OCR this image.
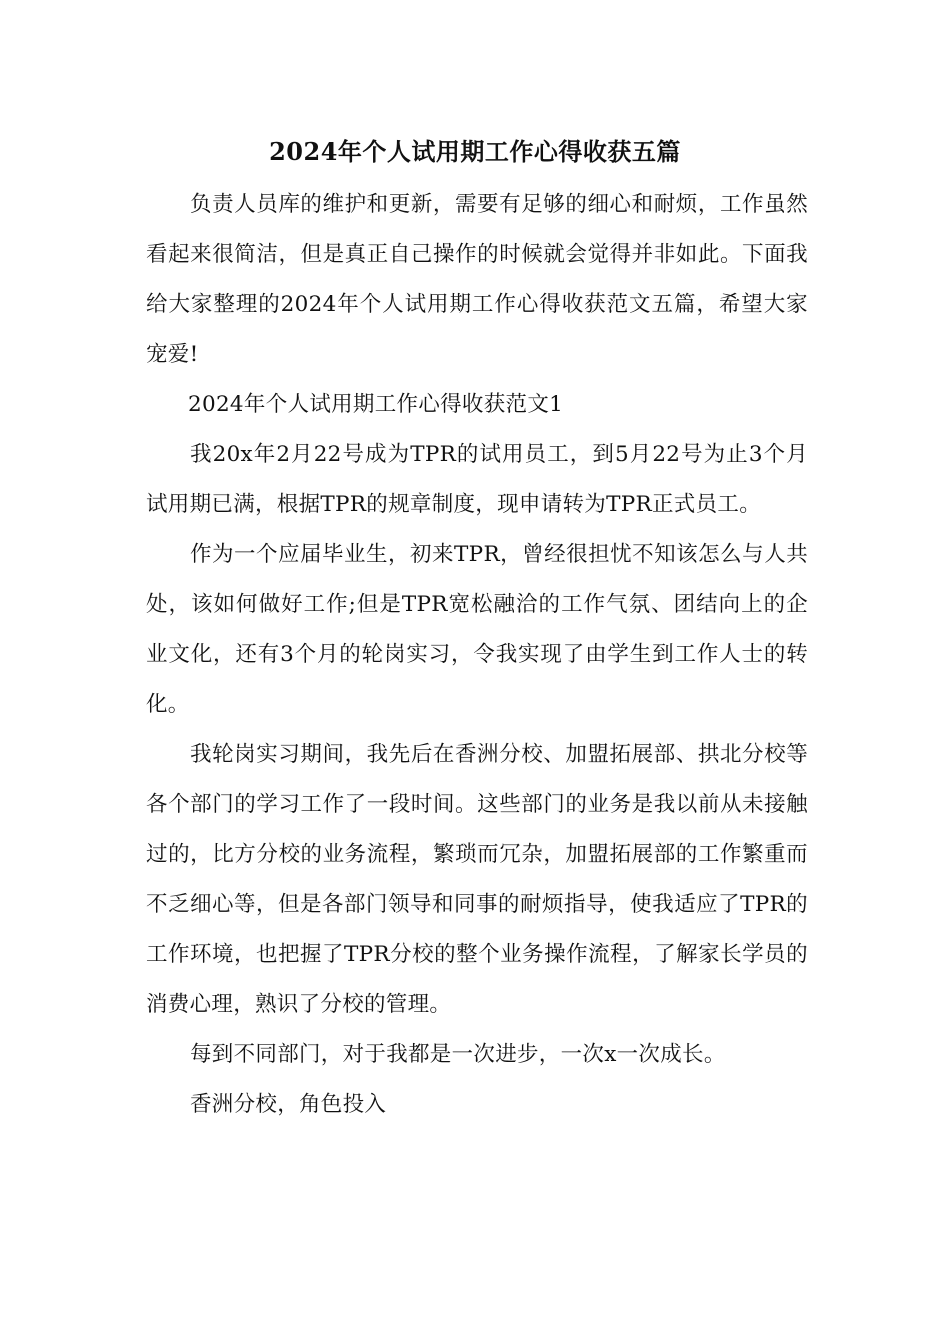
2024年个人试用期工作心得收获五篇

负责人员库的维护和更新，需要有足够的细心和耐烦，工作虽然看起来很简洁，但是真正自己操作的时候就会觉得并非如此。下面我给大家整理的2024年个人试用期工作心得收获范文五篇，希望大家宠爱!

2024年个人试用期工作心得收获范文1

我20x年2月22号成为TPR的试用员工，到5月22号为止3个月试用期已满，根据TPR的规章制度，现申请转为TPR正式员工。

作为一个应届毕业生，初来TPR，曾经很担忧不知该怎么与人共处，该如何做好工作;但是TPR宽松融洽的工作气氛、团结向上的企业文化，还有3个月的轮岗实习，令我实现了由学生到工作人士的转化。

我轮岗实习期间，我先后在香洲分校、加盟拓展部、拱北分校等各个部门的学习工作了一段时间。这些部门的业务是我以前从未接触过的，比方分校的业务流程，繁琐而冗杂，加盟拓展部的工作繁重而不乏细心等，但是各部门领导和同事的耐烦指导，使我适应了TPR的工作环境，也把握了TPR分校的整个业务操作流程，了解家长学员的消费心理，熟识了分校的管理。

每到不同部门，对于我都是一次进步，一次x一次成长。

香洲分校，角色投入
